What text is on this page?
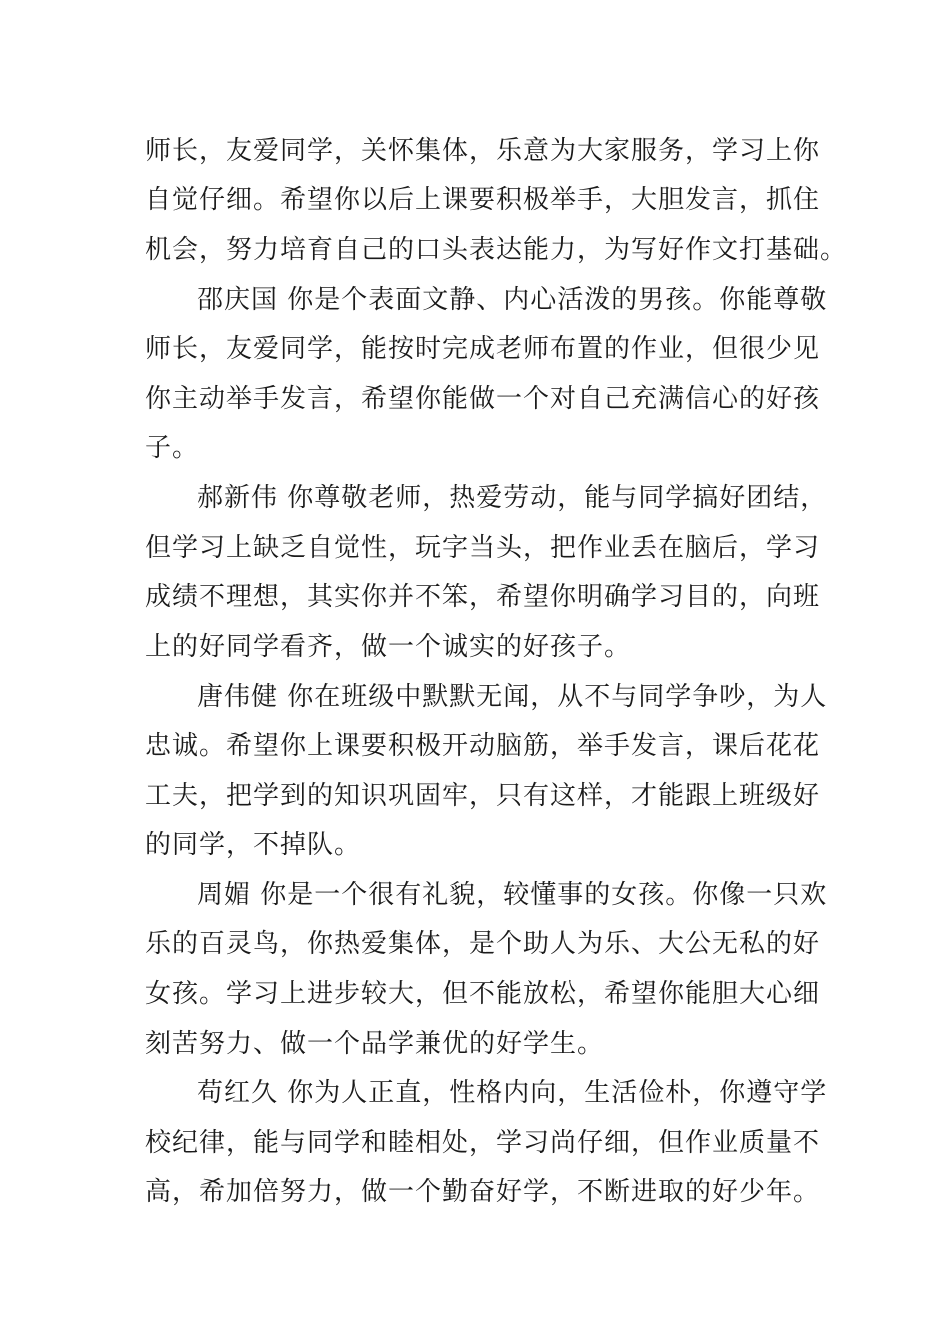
师长，友爱同学，关怀集体，乐意为大家服务，学习上你
自觉仔细。希望你以后上课要积极举手，大胆发言，抓住
机会，努力培育自己的口头表达能力，为写好作文打基础。
邵庆国 你是个表面文静、内心活泼的男孩。你能尊敬
师长，友爱同学，能按时完成老师布置的作业，但很少见
你主动举手发言，希望你能做一个对自己充满信心的好孩
子。
郝新伟 你尊敬老师，热爱劳动，能与同学搞好团结，
但学习上缺乏自觉性，玩字当头，把作业丢在脑后，学习
成绩不理想，其实你并不笨，希望你明确学习目的，向班
上的好同学看齐，做一个诚实的好孩子。
唐伟健 你在班级中默默无闻，从不与同学争吵，为人
忠诚。希望你上课要积极开动脑筋，举手发言，课后花花
工夫，把学到的知识巩固牢，只有这样，才能跟上班级好
的同学，不掉队。
周媚 你是一个很有礼貌，较懂事的女孩。你像一只欢
乐的百灵鸟，你热爱集体，是个助人为乐、大公无私的好
女孩。学习上进步较大，但不能放松，希望你能胆大心细
刻苦努力、做一个品学兼优的好学生。
苟红久 你为人正直，性格内向，生活俭朴，你遵守学
校纪律，能与同学和睦相处，学习尚仔细，但作业质量不
高，希加倍努力，做一个勤奋好学，不断进取的好少年。
